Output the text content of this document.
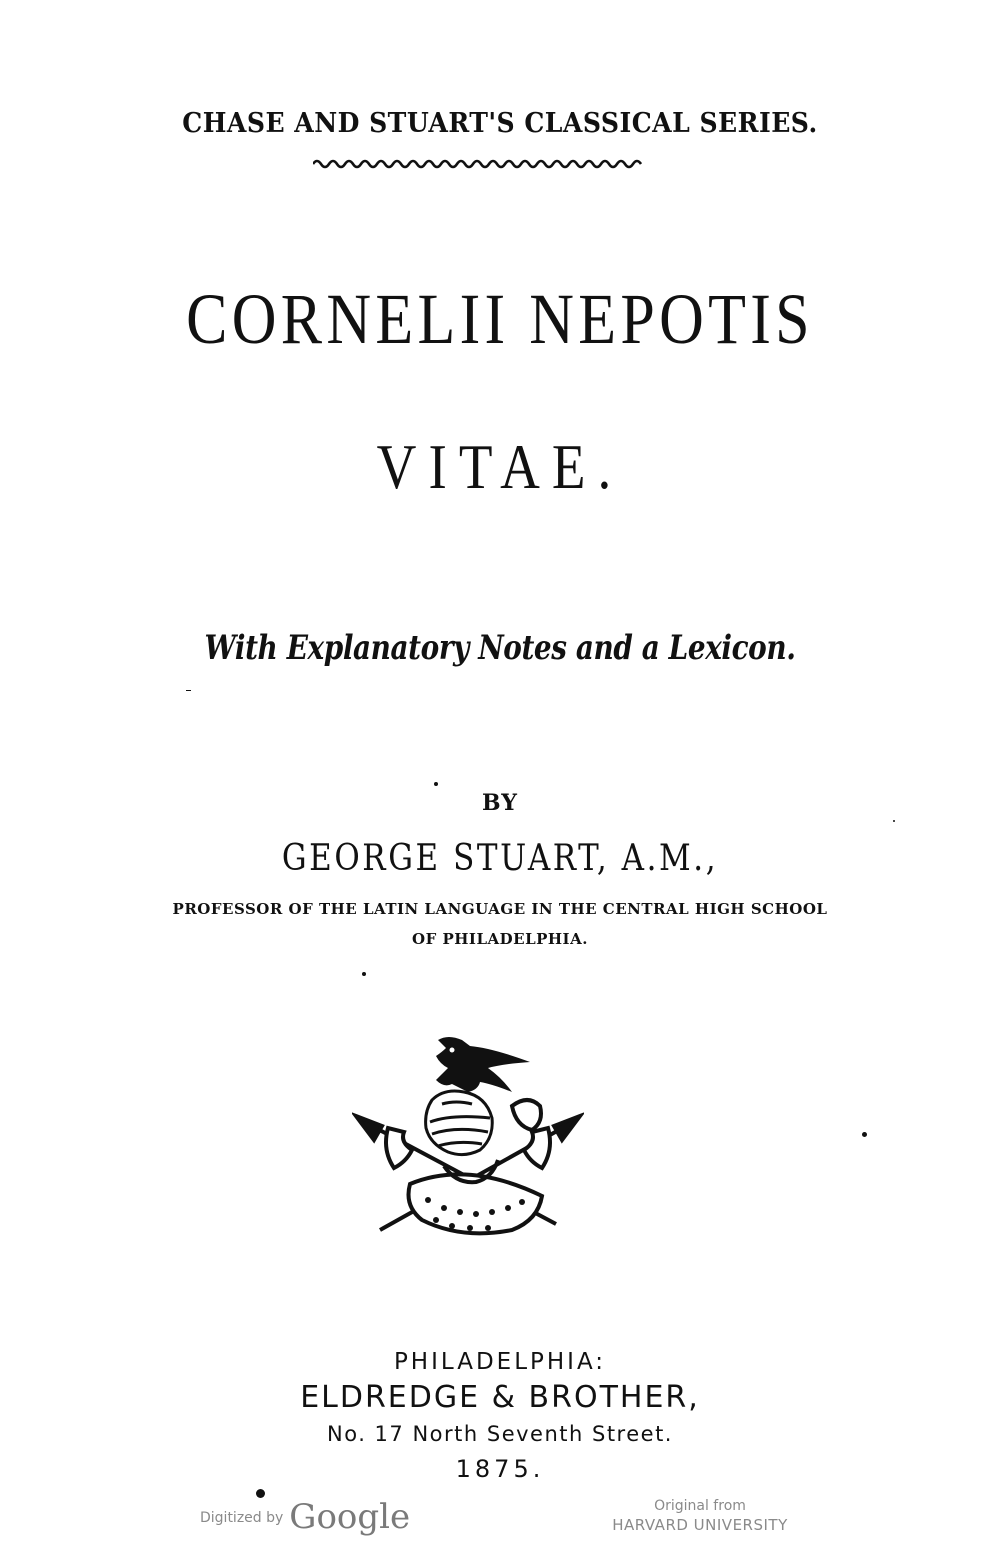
CHASE AND STUART'S CLASSICAL SERIES.
CORNELII NEPOTIS
VITAE.
With Explanatory Notes and a Lexicon.
BY
GEORGE STUART, A.M.,
PROFESSOR OF THE LATIN LANGUAGE IN THE CENTRAL HIGH SCHOOL
OF PHILADELPHIA.
PHILADELPHIA:
ELDREDGE & BROTHER,
No. 17 North Seventh Street.
1875.
Digitized by Google	Original from
HARVARD UNIVERSITY
